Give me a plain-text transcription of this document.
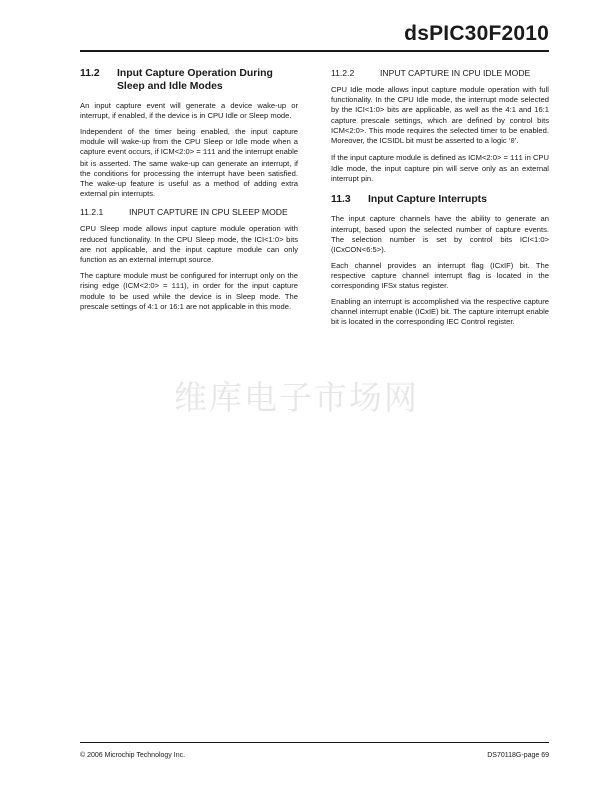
dsPIC30F2010
11.2	Input Capture Operation During Sleep and Idle Modes

An input capture event will generate a device wake-up or interrupt, if enabled, if the device is in CPU Idle or Sleep mode.

Independent of the timer being enabled, the input capture module will wake-up from the CPU Sleep or Idle mode when a capture event occurs, if ICM<2:0> = 111 and the interrupt enable bit is asserted. The same wake-up can generate an interrupt, if the conditions for processing the interrupt have been satisfied. The wake-up feature is useful as a method of adding extra external pin interrupts.

11.2.1	INPUT CAPTURE IN CPU SLEEP MODE

CPU Sleep mode allows input capture module operation with reduced functionality. In the CPU Sleep mode, the ICI<1:0> bits are not applicable, and the input capture module can only function as an external interrupt source.

The capture module must be configured for interrupt only on the rising edge (ICM<2:0> = 111), in order for the input capture module to be used while the device is in Sleep mode. The prescale settings of 4:1 or 16:1 are not applicable in this mode.

11.2.2	INPUT CAPTURE IN CPU IDLE MODE

CPU Idle mode allows input capture module operation with full functionality. In the CPU Idle mode, the interrupt mode selected by the ICI<1:0> bits are applicable, as well as the 4:1 and 16:1 capture prescale settings, which are defined by control bits ICM<2:0>. This mode requires the selected timer to be enabled. Moreover, the ICSIDL bit must be asserted to a logic ‘0’.

If the input capture module is defined as ICM<2:0> = 111 in CPU Idle mode, the input capture pin will serve only as an external interrupt pin.

11.3	Input Capture Interrupts

The input capture channels have the ability to generate an interrupt, based upon the selected number of capture events. The selection number is set by control bits ICI<1:0> (ICxCON<6:5>).

Each channel provides an interrupt flag (ICxIF) bit. The respective capture channel interrupt flag is located in the corresponding IFSx status register.

Enabling an interrupt is accomplished via the respective capture channel interrupt enable (ICxIE) bit. The capture interrupt enable bit is located in the corresponding IEC Control register.

维库电子市场网
© 2006 Microchip Technology Inc.	DS70118G-page 69
